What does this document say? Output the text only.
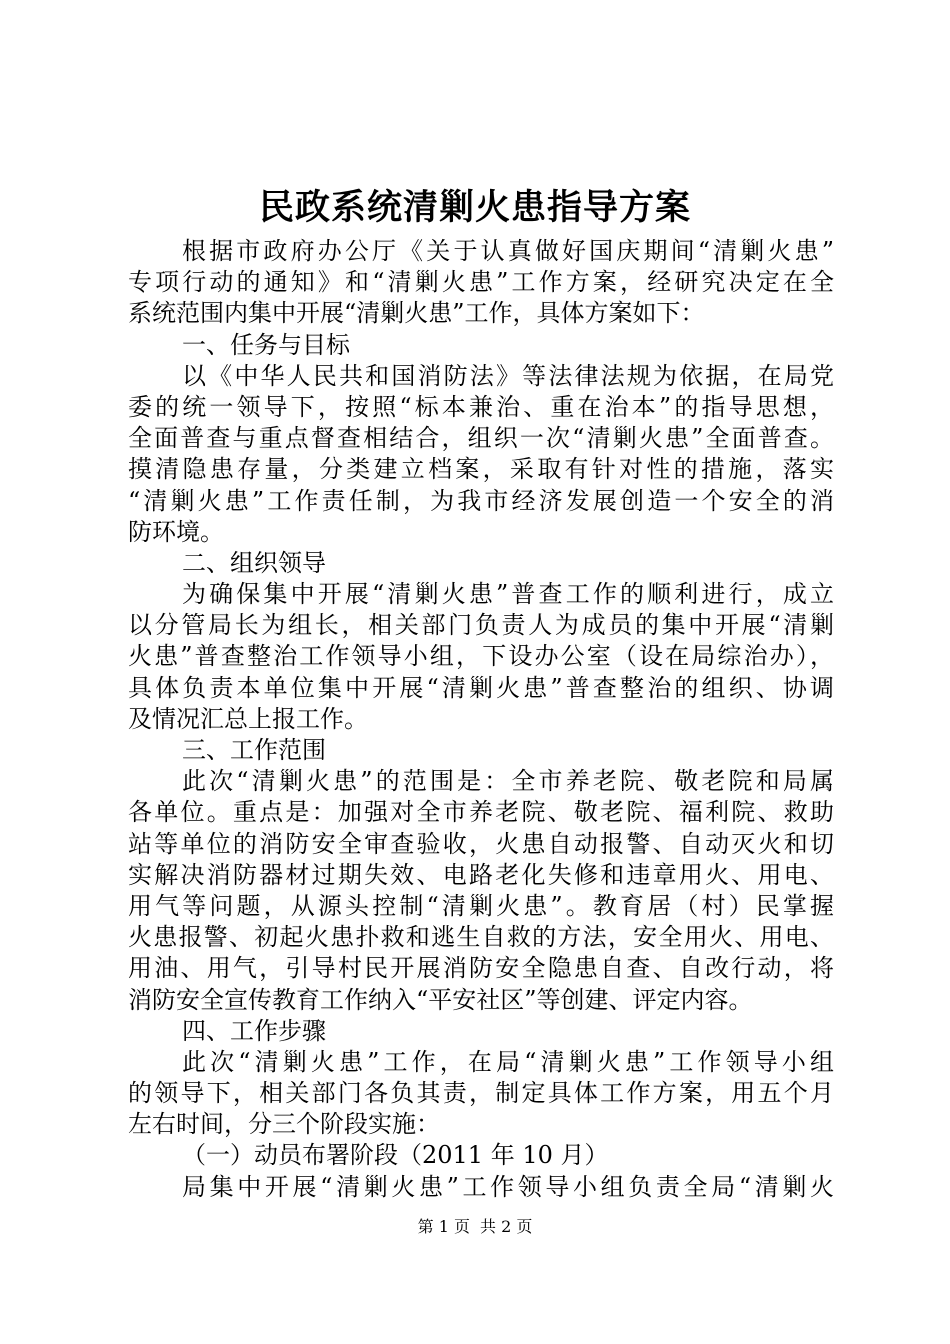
民政系统清剿火患指导方案
根据市政府办公厅《关于认真做好国庆期间“清剿火患”
专项行动的通知》和“清剿火患”工作方案，经研究决定在全
系统范围内集中开展“清剿火患”工作，具体方案如下：
一、任务与目标
以《中华人民共和国消防法》等法律法规为依据，在局党
委的统一领导下，按照“标本兼治、重在治本”的指导思想，
全面普查与重点督查相结合，组织一次“清剿火患”全面普查。
摸清隐患存量，分类建立档案，采取有针对性的措施，落实
“清剿火患”工作责任制，为我市经济发展创造一个安全的消
防环境。
二、组织领导
为确保集中开展“清剿火患”普查工作的顺利进行，成立
以分管局长为组长，相关部门负责人为成员的集中开展“清剿
火患”普查整治工作领导小组，下设办公室（设在局综治办），
具体负责本单位集中开展“清剿火患”普查整治的组织、协调
及情况汇总上报工作。
三、工作范围
此次“清剿火患”的范围是：全市养老院、敬老院和局属
各单位。重点是：加强对全市养老院、敬老院、福利院、救助
站等单位的消防安全审查验收，火患自动报警、自动灭火和切
实解决消防器材过期失效、电路老化失修和违章用火、用电、
用气等问题，从源头控制“清剿火患”。教育居（村）民掌握
火患报警、初起火患扑救和逃生自救的方法，安全用火、用电、
用油、用气，引导村民开展消防安全隐患自查、自改行动，将
消防安全宣传教育工作纳入“平安社区”等创建、评定内容。
四、工作步骤
此次“清剿火患”工作，在局“清剿火患”工作领导小组
的领导下，相关部门各负其责，制定具体工作方案，用五个月
左右时间，分三个阶段实施：
（一）动员布署阶段（2011 年 10 月）
局集中开展“清剿火患”工作领导小组负责全局“清剿火
第 1 页 共 2 页
